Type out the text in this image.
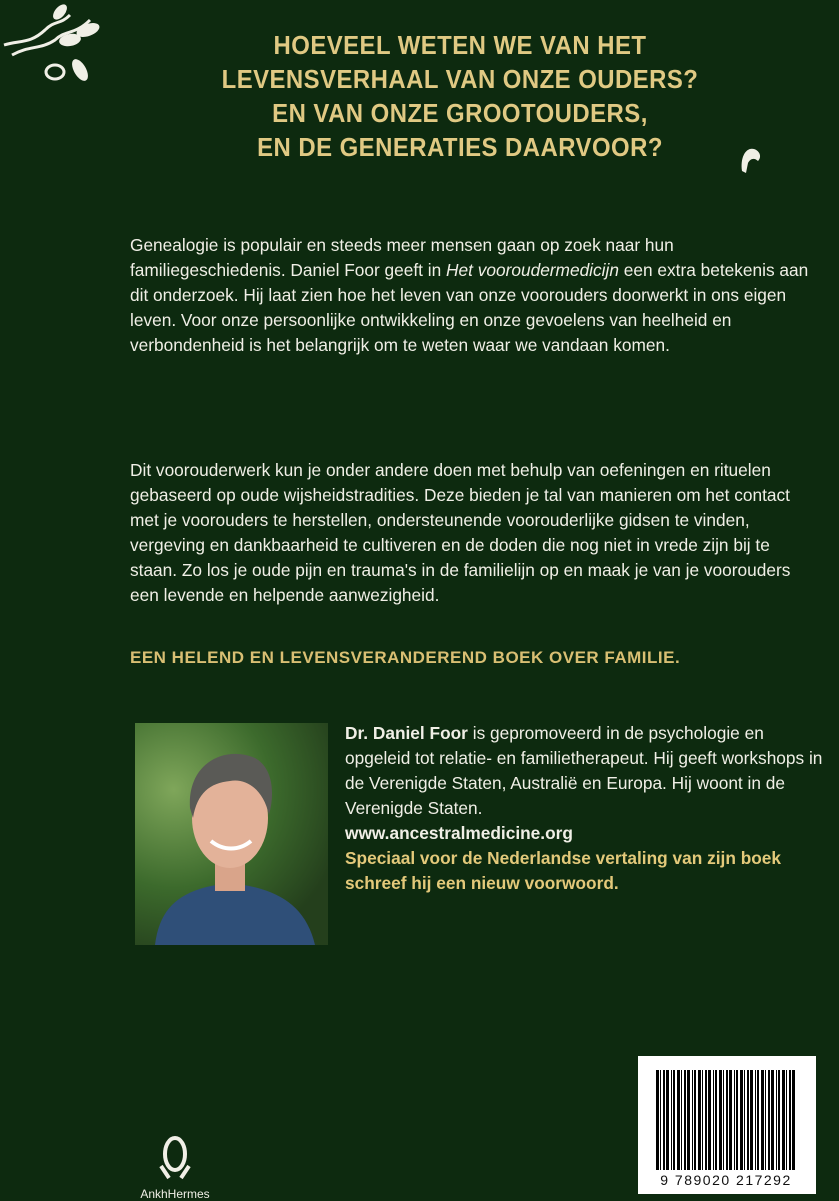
HOEVEEL WETEN WE VAN HET
LEVENSVERHAAL VAN ONZE OUDERS?
EN VAN ONZE GROOTOUDERS,
EN DE GENERATIES DAARVOOR?
Genealogie is populair en steeds meer mensen gaan op zoek naar hun familiegeschiedenis. Daniel Foor geeft in Het vooroudermedicijn een extra betekenis aan dit onderzoek. Hij laat zien hoe het leven van onze voorouders doorwerkt in ons eigen leven. Voor onze persoonlijke ontwikkeling en onze gevoelens van heelheid en verbondenheid is het belangrijk om te weten waar we vandaan komen.
Dit voorouderwerk kun je onder andere doen met behulp van oefeningen en rituelen gebaseerd op oude wijsheidstradities. Deze bieden je tal van manieren om het contact met je voorouders te herstellen, ondersteunende voorouderlijke gidsen te vinden, vergeving en dankbaarheid te cultiveren en de doden die nog niet in vrede zijn bij te staan. Zo los je oude pijn en trauma's in de familielijn op en maak je van je voorouders een levende en helpende aanwezigheid.
EEN HELEND EN LEVENSVERANDEREND BOEK OVER FAMILIE.
Dr. Daniel Foor is gepromoveerd in de psychologie en opgeleid tot relatie- en familietherapeut. Hij geeft workshops in de Verenigde Staten, Australië en Europa. Hij woont in de Verenigde Staten.
www.ancestralmedicine.org
Speciaal voor de Nederlandse vertaling van zijn boek schreef hij een nieuw voorwoord.
AnkhHermes
9 789020 217292
